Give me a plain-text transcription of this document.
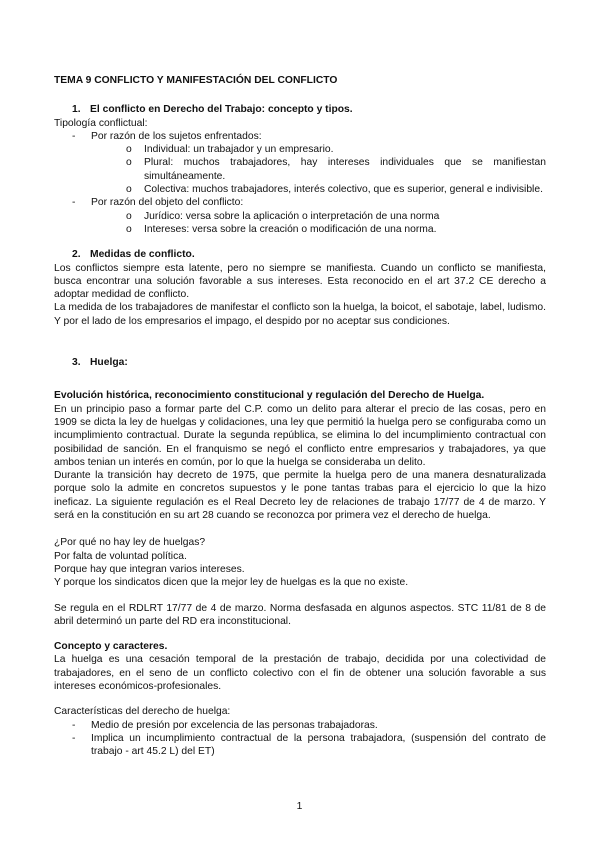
TEMA 9 CONFLICTO Y MANIFESTACIÓN DEL CONFLICTO
1. El conflicto en Derecho del Trabajo: concepto y tipos.

Tipología conflictual:

- Por razón de los sujetos enfrentados:
o Individual: un trabajador y un empresario.
o Plural: muchos trabajadores, hay intereses individuales que se manifiestan simultáneamente.
o Colectiva: muchos trabajadores, interés colectivo, que es superior, general e indivisible.
- Por razón del objeto del conflicto:
o Jurídico: versa sobre la aplicación o interpretación de una norma
o Intereses: versa sobre la creación o modificación de una norma.
2. Medidas de conflicto.

Los conflictos siempre esta latente, pero no siempre se manifiesta. Cuando un conflicto se manifiesta, busca encontrar una solución favorable a sus intereses. Esta reconocido en el art 37.2 CE derecho a adoptar medidad de conflicto.

La medida de los trabajadores de manifestar el conflicto son la huelga, la boicot, el sabotaje, label, ludismo. Y por el lado de los empresarios el impago, el despido por no aceptar sus condiciones.

3. Huelga:

Evolución histórica, reconocimiento constitucional y regulación del Derecho de Huelga.

En un principio paso a formar parte del C.P. como un delito para alterar el precio de las cosas, pero en 1909 se dicta la ley de huelgas y colidaciones, una ley que permitió la huelga pero se configuraba como un incumplimiento contractual. Durate la segunda república, se elimina lo del incumplimiento contractual con posibilidad de sanción. En el franquismo se negó el conflicto entre empresarios y trabajadores, ya que ambos tenian un interés en común, por lo que la huelga se consideraba un delito.

Durante la transición hay decreto de 1975, que permite la huelga pero de una manera desnaturalizada porque solo la admite en concretos supuestos y le pone tantas trabas para el ejercicio lo que la hizo ineficaz. La siguiente regulación es el Real Decreto ley de relaciones de trabajo 17/77 de 4 de marzo. Y será en la constitución en su art 28 cuando se reconozca por primera vez el derecho de huelga.

¿Por qué no hay ley de huelgas?

Por falta de voluntad política.

Porque hay que integran varios intereses.

Y porque los sindicatos dicen que la mejor ley de huelgas es la que no existe.

Se regula en el RDLRT 17/77 de 4 de marzo. Norma desfasada en algunos aspectos. STC 11/81 de 8 de abril determinó un parte del RD era inconstitucional.

Concepto y caracteres.

La huelga es una cesación temporal de la prestación de trabajo, decidida por una colectividad de trabajadores, en el seno de un conflicto colectivo con el fin de obtener una solución favorable a sus intereses económicos-profesionales.

Características del derecho de huelga:

- Medio de presión por excelencia de las personas trabajadoras.
- Implica un incumplimiento contractual de la persona trabajadora, (suspensión del contrato de trabajo - art 45.2 L) del ET)
1
